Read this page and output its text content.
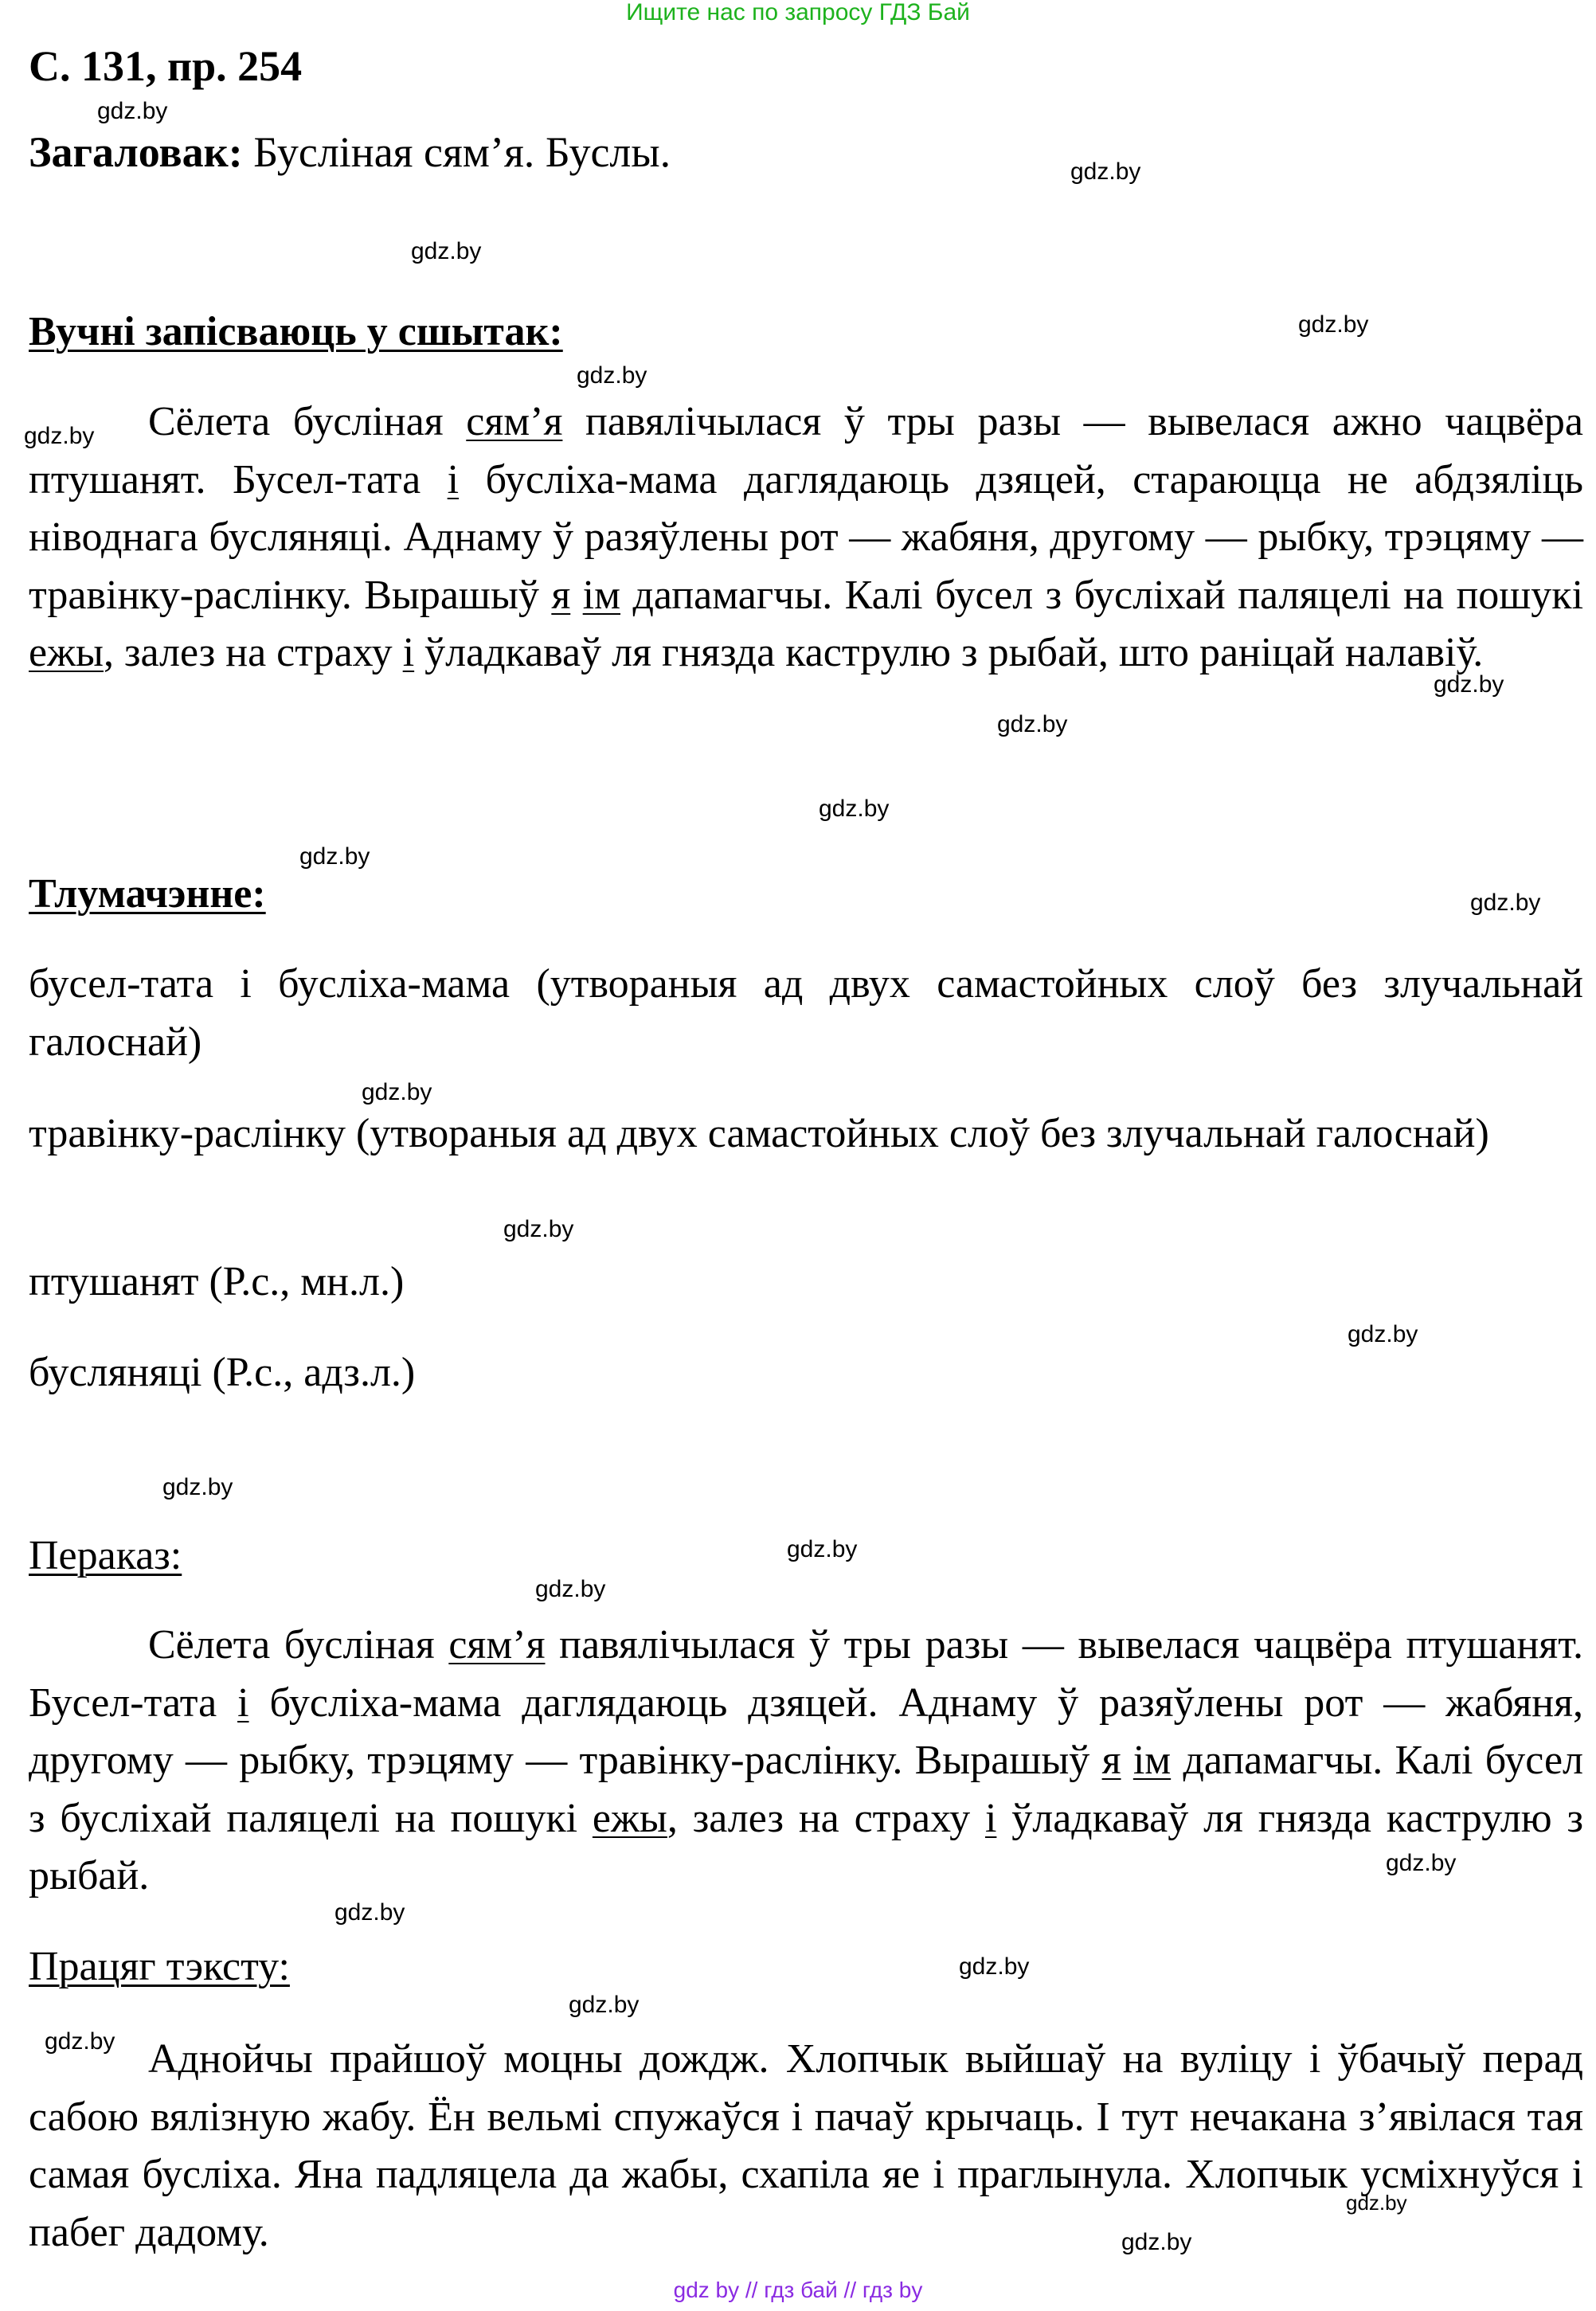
Ищите нас по запросу ГДЗ Бай
С. 131, пр. 254
Загаловак: Бусліная сям’я. Буслы.
Вучні запісваюць у сшытак:
Сёлета бусліная сям’я павялічылася ў тры разы — вывелася ажно чацвёра птушанят. Бусел-тата і бусліха-мама даглядаюць дзяцей, стараюцца не абдзяліць ніводнага бусляняці. Аднаму ў разяўлены рот — жабяня, другому — рыбку, трэцяму — травінку-раслінку. Вырашыў я ім дапамагчы. Калі бусел з бусліхай паляцелі на пошукі ежы, залез на страху і ўладкаваў ля гнязда каструлю з рыбай, што раніцай налавіў.
Тлумачэнне:
бусел-тата і бусліха-мама (утвораныя ад двух самастойных слоў без злучальнай галоснай)
травінку-раслінку (утвораныя ад двух самастойных слоў без злучальнай галоснай)
птушанят (Р.с., мн.л.)
бусляняці (Р.с., адз.л.)
Пераказ:
Сёлета бусліная сям’я павялічылася ў тры разы — вывелася чацвёра птушанят. Бусел-тата і бусліха-мама даглядаюць дзяцей. Аднаму ў разяўлены рот — жабяня, другому — рыбку, трэцяму — травінку-раслінку. Вырашыў я ім дапамагчы. Калі бусел з бусліхай паляцелі на пошукі ежы, залез на страху і ўладкаваў ля гнязда каструлю з рыбай.
Працяг тэксту:
Аднойчы прайшоў моцны дождж. Хлопчык выйшаў на вуліцу і ўбачыў перад сабою вялізную жабу. Ён вельмі спужаўся і пачаў крычаць. І тут нечакана з’явілася тая самая бусліха. Яна падляцела да жабы, схапіла яе і праглынула. Хлопчык усміхнуўся і пабег дадому.
gdz.by
gdz.by
gdz.by
gdz.by
gdz.by
gdz.by
gdz.by
gdz.by
gdz.by
gdz.by
gdz.by
gdz.by
gdz.by
gdz.by
gdz.by
gdz.by
gdz.by
gdz.by
gdz.by
gdz.by
gdz.by
gdz.by
gdz.by
gdz.by
gdz by // гдз бай // гдз by
